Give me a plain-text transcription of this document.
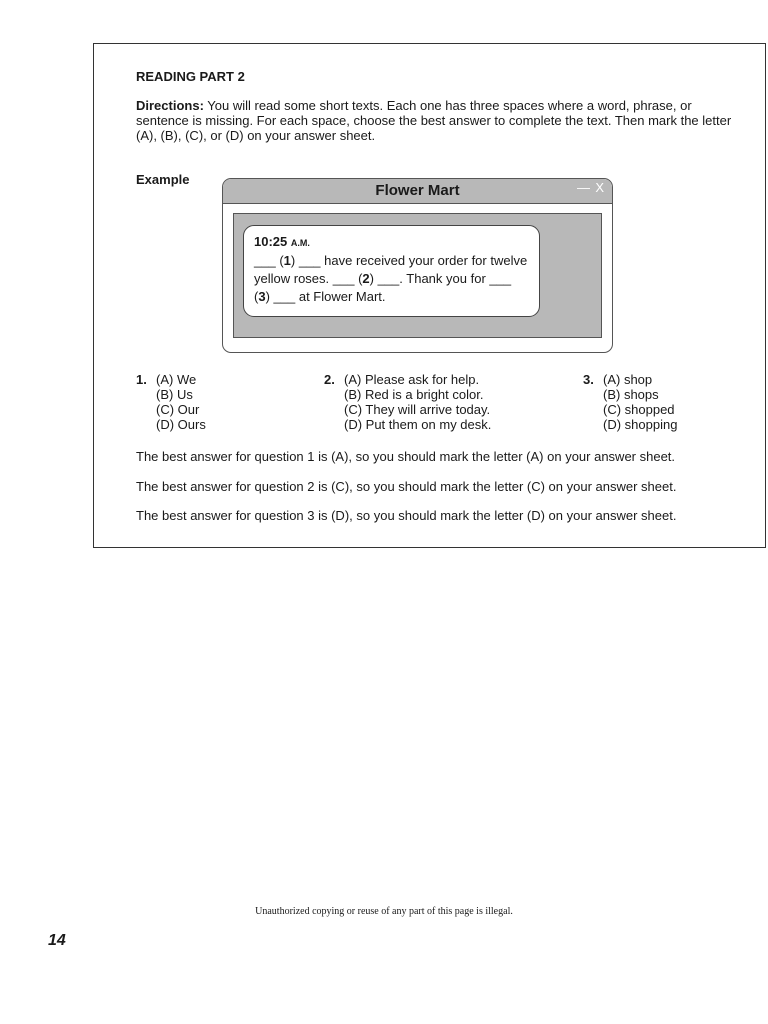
READING PART 2
Directions: You will read some short texts. Each one has three spaces where a word, phrase, or sentence is missing. For each space, choose the best answer to complete the text. Then mark the letter (A), (B), (C), or (D) on your answer sheet.
Example
Flower Mart	— X
10:25 A.M.
___ (1) ___ have received your order for twelve yellow roses. ___ (2) ___. Thank you for ___ (3) ___ at Flower Mart.
1. (A) We
(B) Us
(C) Our
(D) Ours
2. (A) Please ask for help.
(B) Red is a bright color.
(C) They will arrive today.
(D) Put them on my desk.
3. (A) shop
(B) shops
(C) shopped
(D) shopping
The best answer for question 1 is (A), so you should mark the letter (A) on your answer sheet.
The best answer for question 2 is (C), so you should mark the letter (C) on your answer sheet.
The best answer for question 3 is (D), so you should mark the letter (D) on your answer sheet.
Unauthorized copying or reuse of any part of this page is illegal.
14
